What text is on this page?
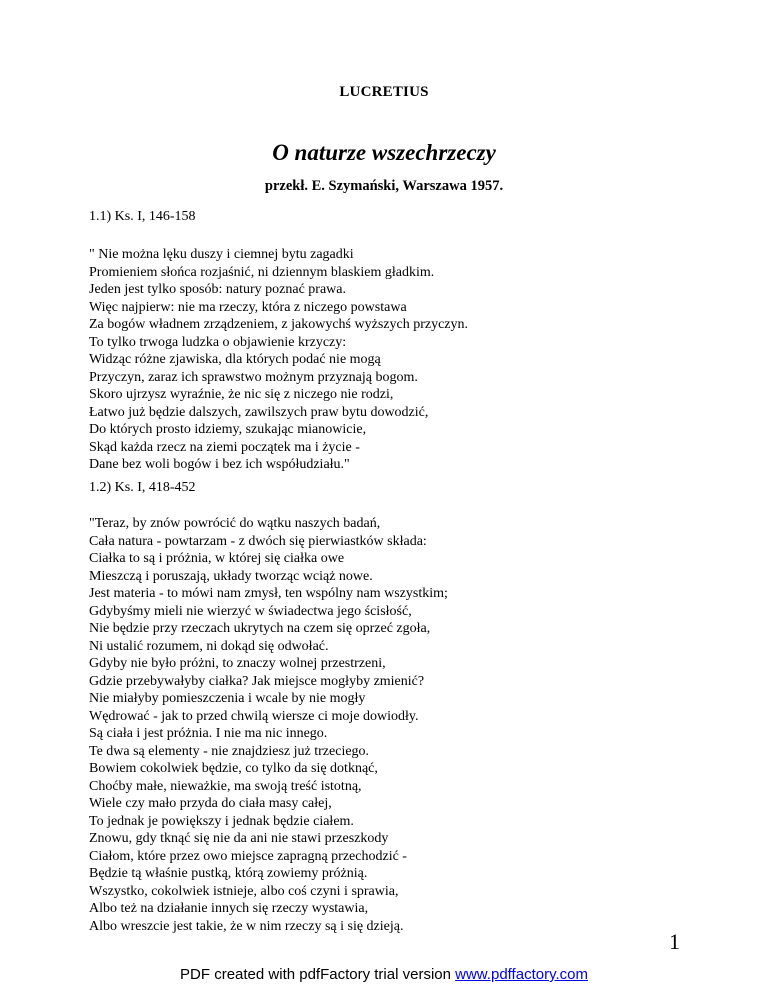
LUCRETIUS
O naturze wszechrzeczy
przekł. E. Szymański, Warszawa 1957.
1.1) Ks. I, 146-158
" Nie można lęku duszy i ciemnej bytu zagadki
Promieniem słońca rozjaśnić, ni dziennym blaskiem gładkim.
Jeden jest tylko sposób: natury poznać prawa.
Więc najpierw: nie ma rzeczy, która z niczego powstawa
Za bogów władnem zrządzeniem, z jakowychś wyższych przyczyn.
To tylko trwoga ludzka o objawienie krzyczy:
Widząc różne zjawiska, dla których podać nie mogą
Przyczyn, zaraz ich sprawstwo możnym przyznają bogom.
Skoro ujrzysz wyraźnie, że nic się z niczego nie rodzi,
Łatwo już będzie dalszych, zawilszych praw bytu dowodzić,
Do których prosto idziemy, szukając mianowicie,
Skąd każda rzecz na ziemi początek ma i życie -
Dane bez woli bogów i bez ich współudziału."
1.2) Ks. I, 418-452
"Teraz, by znów powrócić do wątku naszych badań,
Cała natura - powtarzam - z dwóch się pierwiastków składa:
Ciałka to są i próżnia, w której się ciałka owe
Mieszczą i poruszają, układy tworząc wciąż nowe.
Jest materia - to mówi nam zmysł, ten wspólny nam wszystkim;
Gdybyśmy mieli nie wierzyć w świadectwa jego ścisłość,
Nie będzie przy rzeczach ukrytych na czem się oprzeć zgoła,
Ni ustalić rozumem, ni dokąd się odwołać.
Gdyby nie było próżni, to znaczy wolnej przestrzeni,
Gdzie przebywałyby ciałka? Jak miejsce mogłyby zmienić?
Nie miałyby pomieszczenia i wcale by nie mogły
Wędrować - jak to przed chwilą wiersze ci moje dowiodły.
Są ciała i jest próżnia. I nie ma nic innego.
Te dwa są elementy - nie znajdziesz już trzeciego.
Bowiem cokolwiek będzie, co tylko da się dotknąć,
Choćby małe, nieważkie, ma swoją treść istotną,
Wiele czy mało przyda do ciała masy całej,
To jednak je powiększy i jednak będzie ciałem.
Znowu, gdy tknąć się nie da ani nie stawi przeszkody
Ciałom, które przez owo miejsce zapragną przechodzić -
Będzie tą właśnie pustką, którą zowiemy próżnią.
Wszystko, cokolwiek istnieje, albo coś czyni i sprawia,
Albo też na działanie innych się rzeczy wystawia,
Albo wreszcie jest takie, że w nim rzeczy są i się dzieją.
1
PDF created with pdfFactory trial version www.pdffactory.com
